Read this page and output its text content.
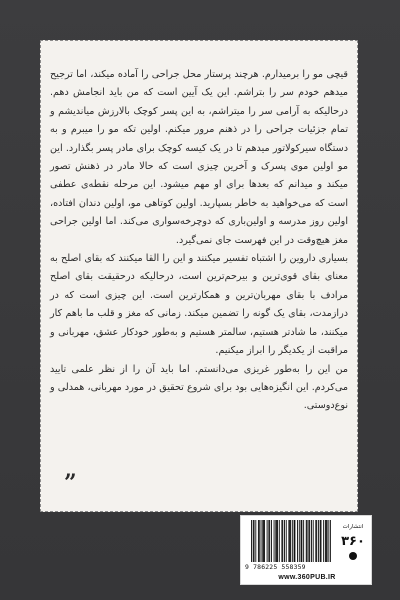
قیچی مو را برمیدارم. هرچند پرستار محل جراحی را آماده میکند، اما ترجیح میدهم خودم سر را بتراشم. این یک آیین است که من باید انجامش دهم. درحالیکه به آرامی سر را میتراشم، به این پسر کوچک بالارزش میاندیشم و تمام جزئیات جراحی را در ذهنم مرور میکنم. اولین تکه مو را میبرم و به دستگاه سیرکولاتور میدهم تا در یک کیسه کوچک برای مادر پسر بگذارد. این مو اولین موی پسرک و آخرین چیزی است که حالا مادر در ذهنش تصور میکند و میدانم که بعدها برای او مهم میشود. این مرحله نقطه‌ی عطفی است که می‌خواهید به خاطر بسپارید. اولین کوتاهی مو، اولین دندان افتاده، اولین روز مدرسه و اولین‌باری که دوچرخه‌سواری می‌کند. اما اولین جراحی مغز هیچ‌وقت در این فهرست جای نمی‌گیرد.

بسیاری داروین را اشتباه تفسیر میکنند و این را القا میکنند که بقای اصلح به معنای بقای قوی‌ترین و بیرحم‌ترین است، درحالیکه درحقیقت بقای اصلح مرادف با بقای مهربان‌ترین و همکارترین است. این چیزی است که در درازمدت، بقای یک گونه را تضمین میکند. زمانی که مغز و قلب ما باهم کار میکنند، ما شادتر هستیم، سالمتر هستیم و به‌طور خودکار عشق، مهربانی و مراقبت از یکدیگر را ابراز میکنیم.

من این را به‌طور غریزی می‌دانستم. اما باید آن را از نظر علمی تایید می‌کردم. این انگیزه‌هایی بود برای شروع تحقیق در مورد مهربانی، همدلی و نوع‌دوستی.

”
9 786225 558359
انتشارات
۳۶۰
www.360PUB.IR
